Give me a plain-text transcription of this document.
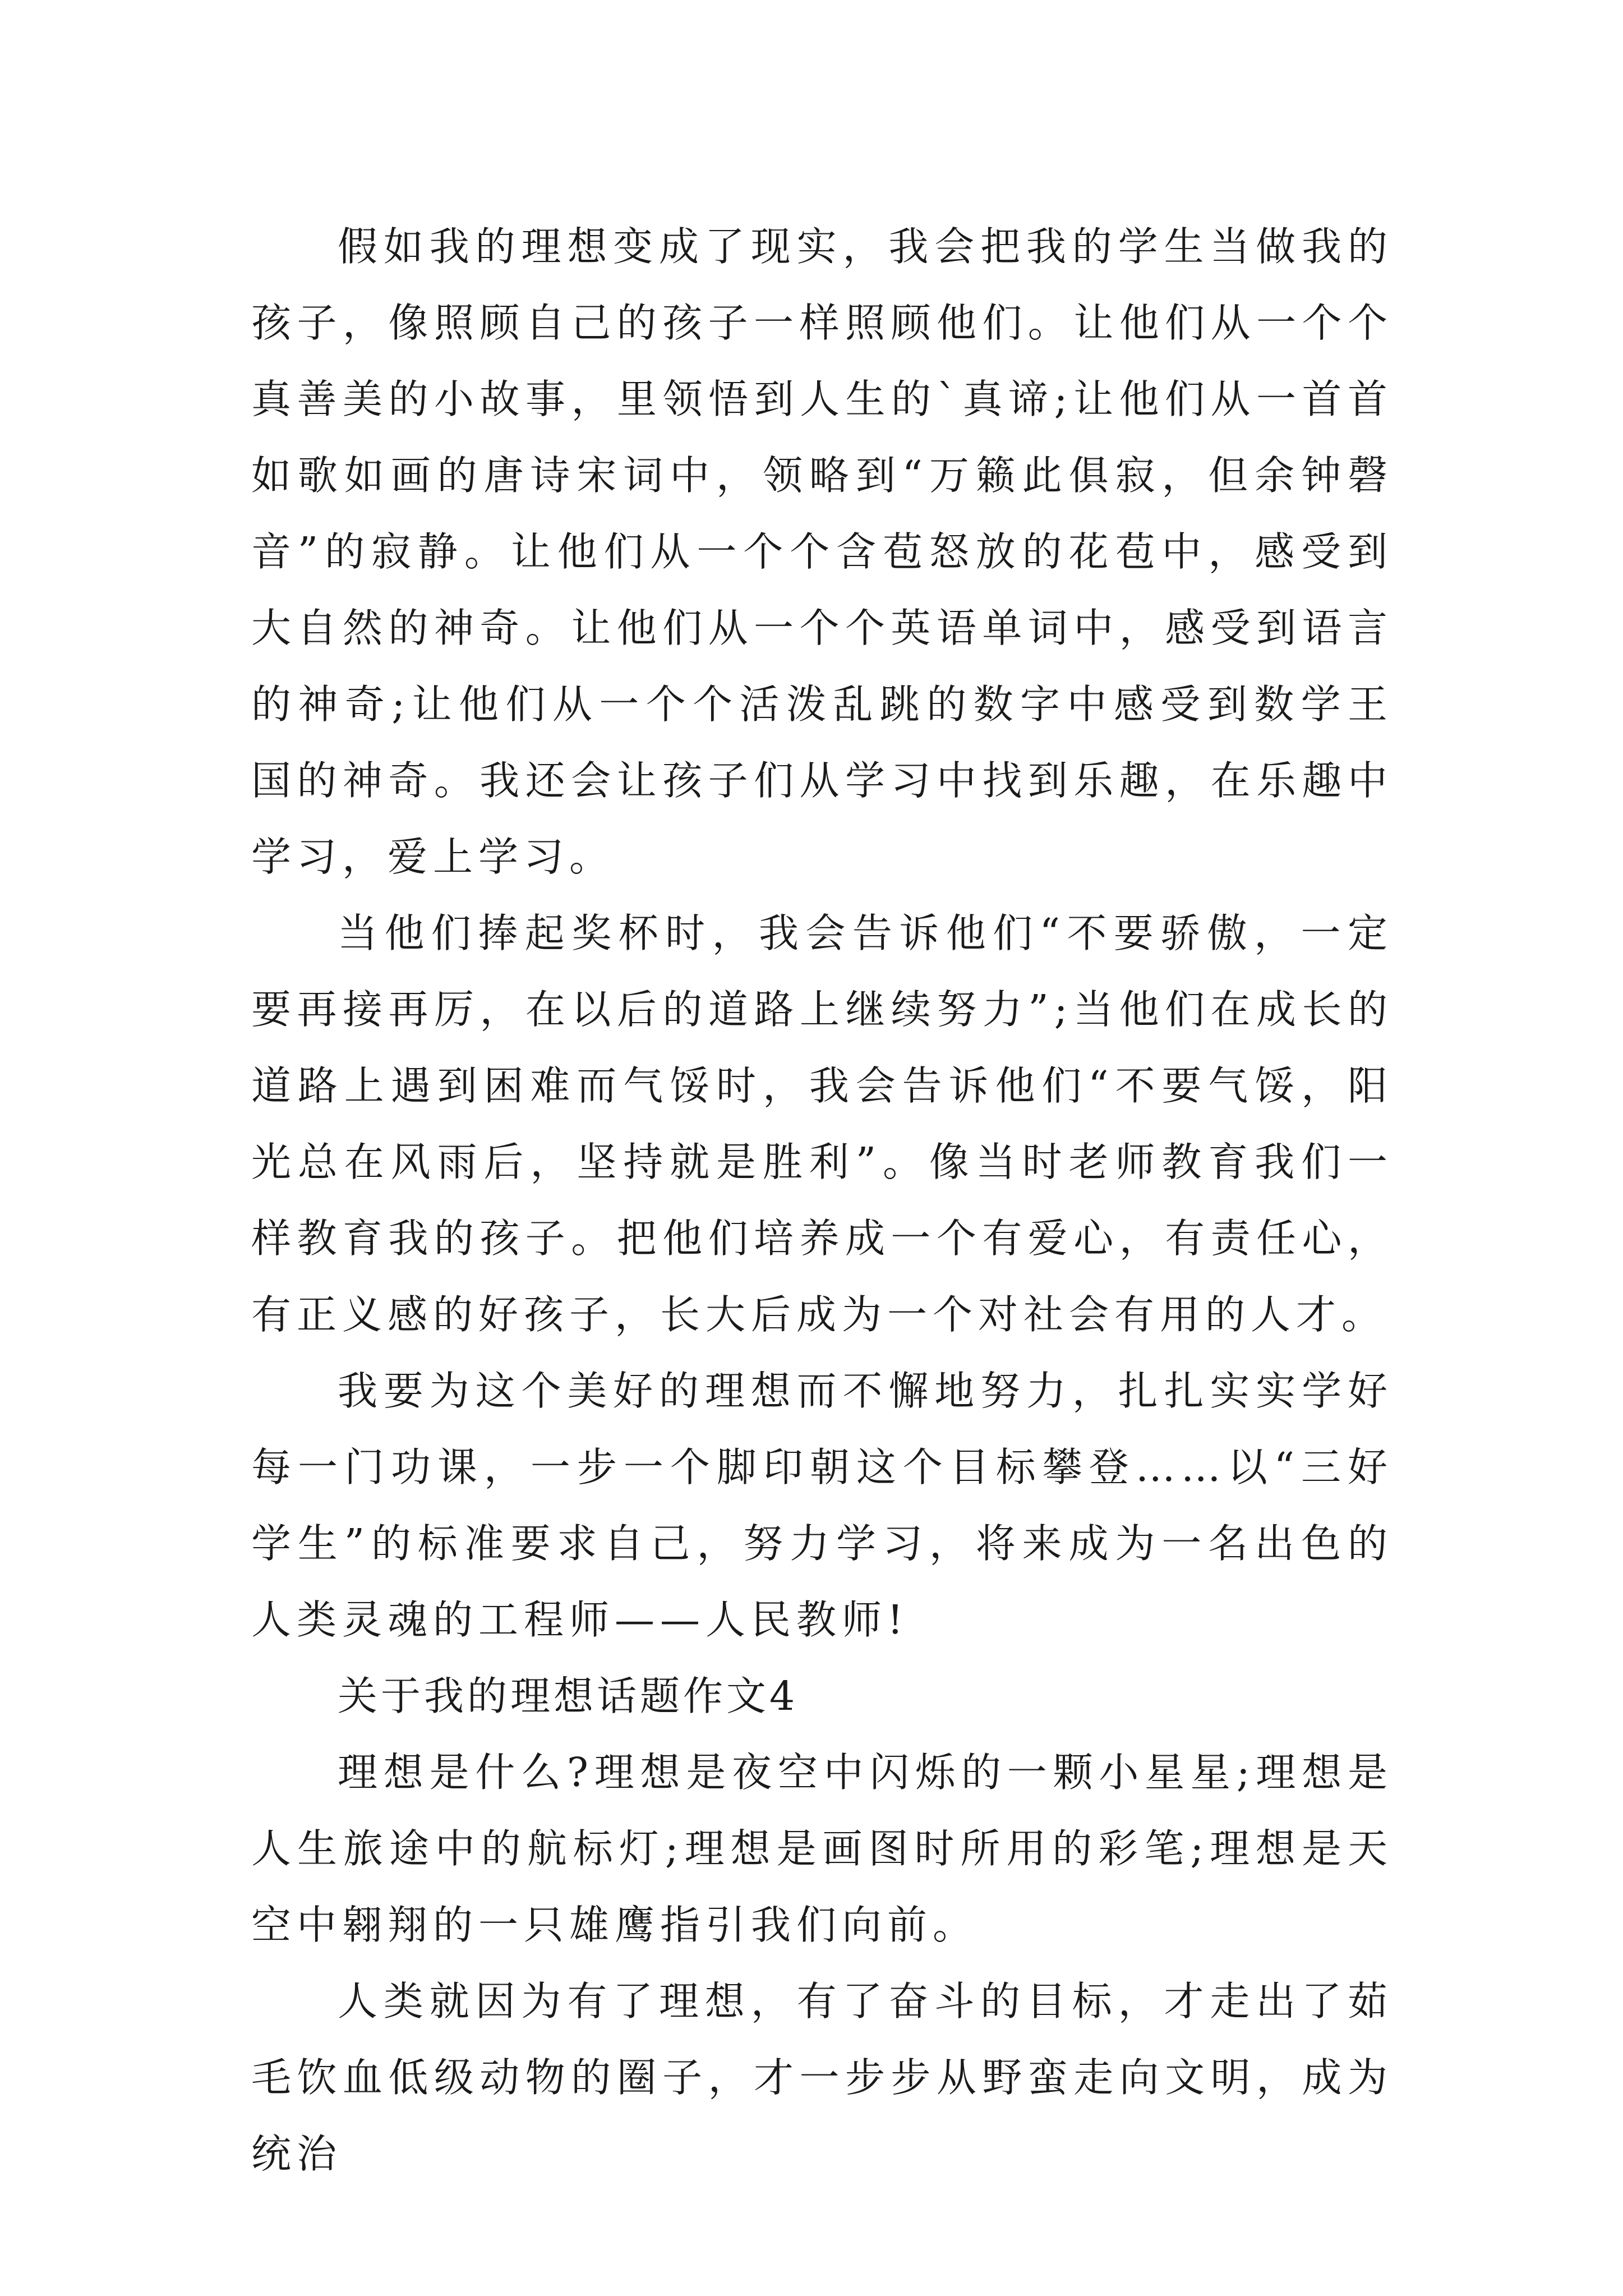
假如我的理想变成了现实，我会把我的学生当做我的孩子，像照顾自己的孩子一样照顾他们。让他们从一个个真善美的小故事，里领悟到人生的`真谛;让他们从一首首如歌如画的唐诗宋词中，领略到“万籁此俱寂，但余钟磬音”的寂静。让他们从一个个含苞怒放的花苞中，感受到大自然的神奇。让他们从一个个英语单词中，感受到语言的神奇;让他们从一个个活泼乱跳的数字中感受到数学王国的神奇。我还会让孩子们从学习中找到乐趣，在乐趣中学习，爱上学习。

当他们捧起奖杯时，我会告诉他们“不要骄傲，一定要再接再厉，在以后的道路上继续努力”;当他们在成长的道路上遇到困难而气馁时，我会告诉他们“不要气馁，阳光总在风雨后，坚持就是胜利”。像当时老师教育我们一样教育我的孩子。把他们培养成一个有爱心，有责任心，有正义感的好孩子，长大后成为一个对社会有用的人才。

我要为这个美好的理想而不懈地努力，扎扎实实学好每一门功课，一步一个脚印朝这个目标攀登……以“三好学生”的标准要求自己，努力学习，将来成为一名出色的人类灵魂的工程师——人民教师!

关于我的理想话题作文4

理想是什么?理想是夜空中闪烁的一颗小星星;理想是人生旅途中的航标灯;理想是画图时所用的彩笔;理想是天空中翱翔的一只雄鹰指引我们向前。

人类就因为有了理想，有了奋斗的目标，才走出了茹毛饮血低级动物的圈子，才一步步从野蛮走向文明，成为统治
